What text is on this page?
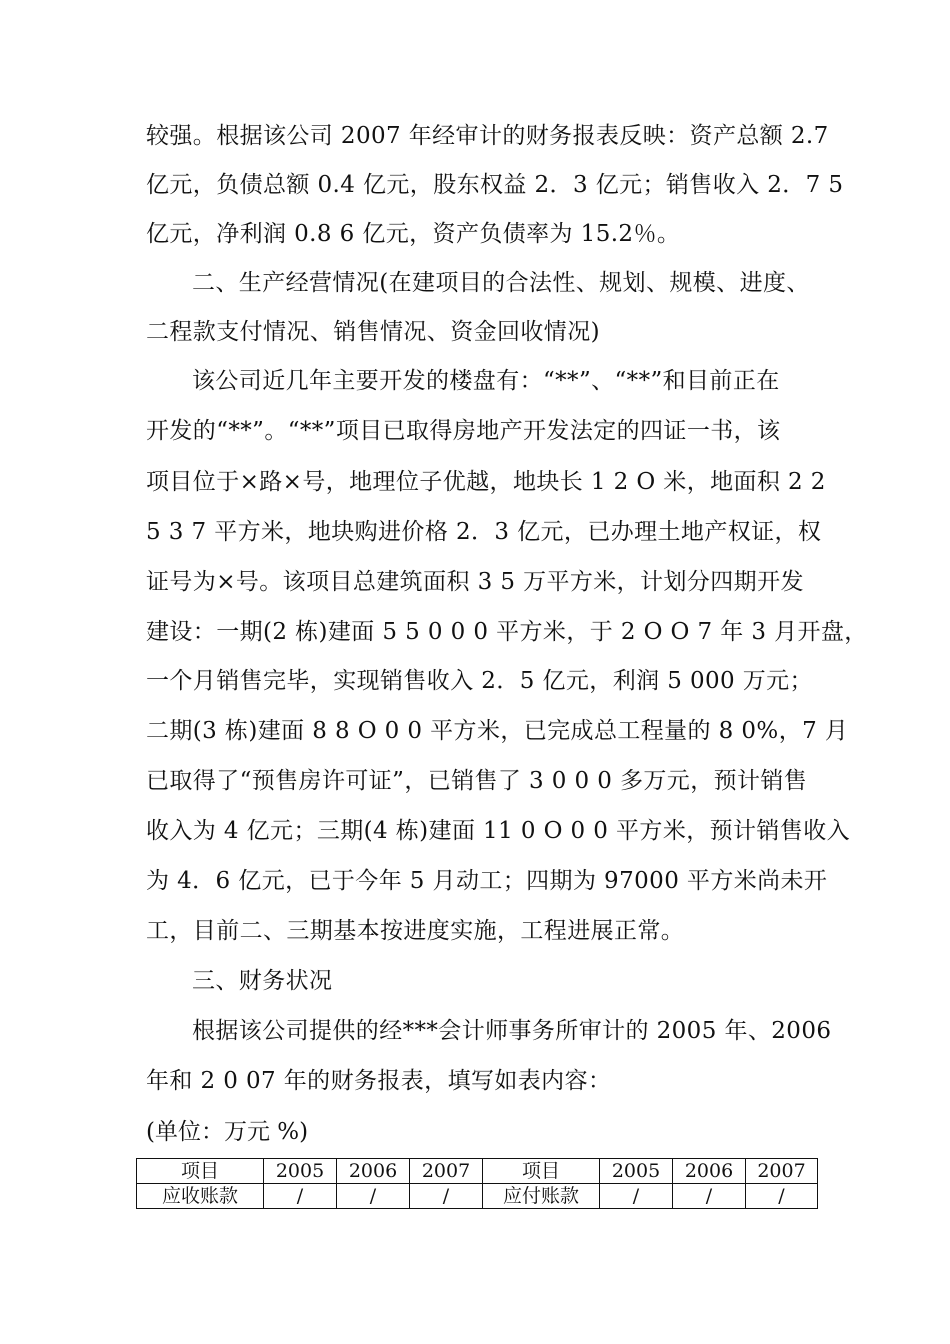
较强。根据该公司 2007 年经审计的财务报表反映：资产总额 2.7
亿元，负债总额 0.4 亿元，股东权益 2．3 亿元；销售收入 2．7 5
亿元，净利润 0.8 6 亿元，资产负债率为 15.2％。
二、生产经营情况(在建项目的合法性、规划、规模、进度、
二程款支付情况、销售情况、资金回收情况)
该公司近几年主要开发的楼盘有：“**”、“**”和目前正在
开发的“**”。“**”项目已取得房地产开发法定的四证一书，该
项目位于×路×号，地理位子优越，地块长 1 2 O 米，地面积 2 2
5 3 7 平方米，地块购进价格 2．3 亿元，已办理土地产权证，权
证号为×号。该项目总建筑面积 3 5 万平方米，计划分四期开发
建设：一期(2 栋)建面 5 5 0 0 0 平方米，于 2 O O 7 年 3 月开盘，
一个月销售完毕，实现销售收入 2．5 亿元，利润 5 000 万元；
二期(3 栋)建面 8 8 O 0 0 平方米，已完成总工程量的 8 0%，7 月
已取得了“预售房许可证”，已销售了 3 0 0 0 多万元，预计销售
收入为 4 亿元；三期(4 栋)建面 11 0 O 0 0 平方米，预计销售收入
为 4．6 亿元，已于今年 5 月动工；四期为 97000 平方米尚未开
工，目前二、三期基本按进度实施，工程进展正常。
三、财务状况
根据该公司提供的经***会计师事务所审计的 2005 年、2006
年和 2 0 07 年的财务报表，填写如表内容：
(单位：万元 %)
项目	2005	2006	2007	项目	2005	2006	2007
应收账款	/	/	/	应付账款	/	/	/
